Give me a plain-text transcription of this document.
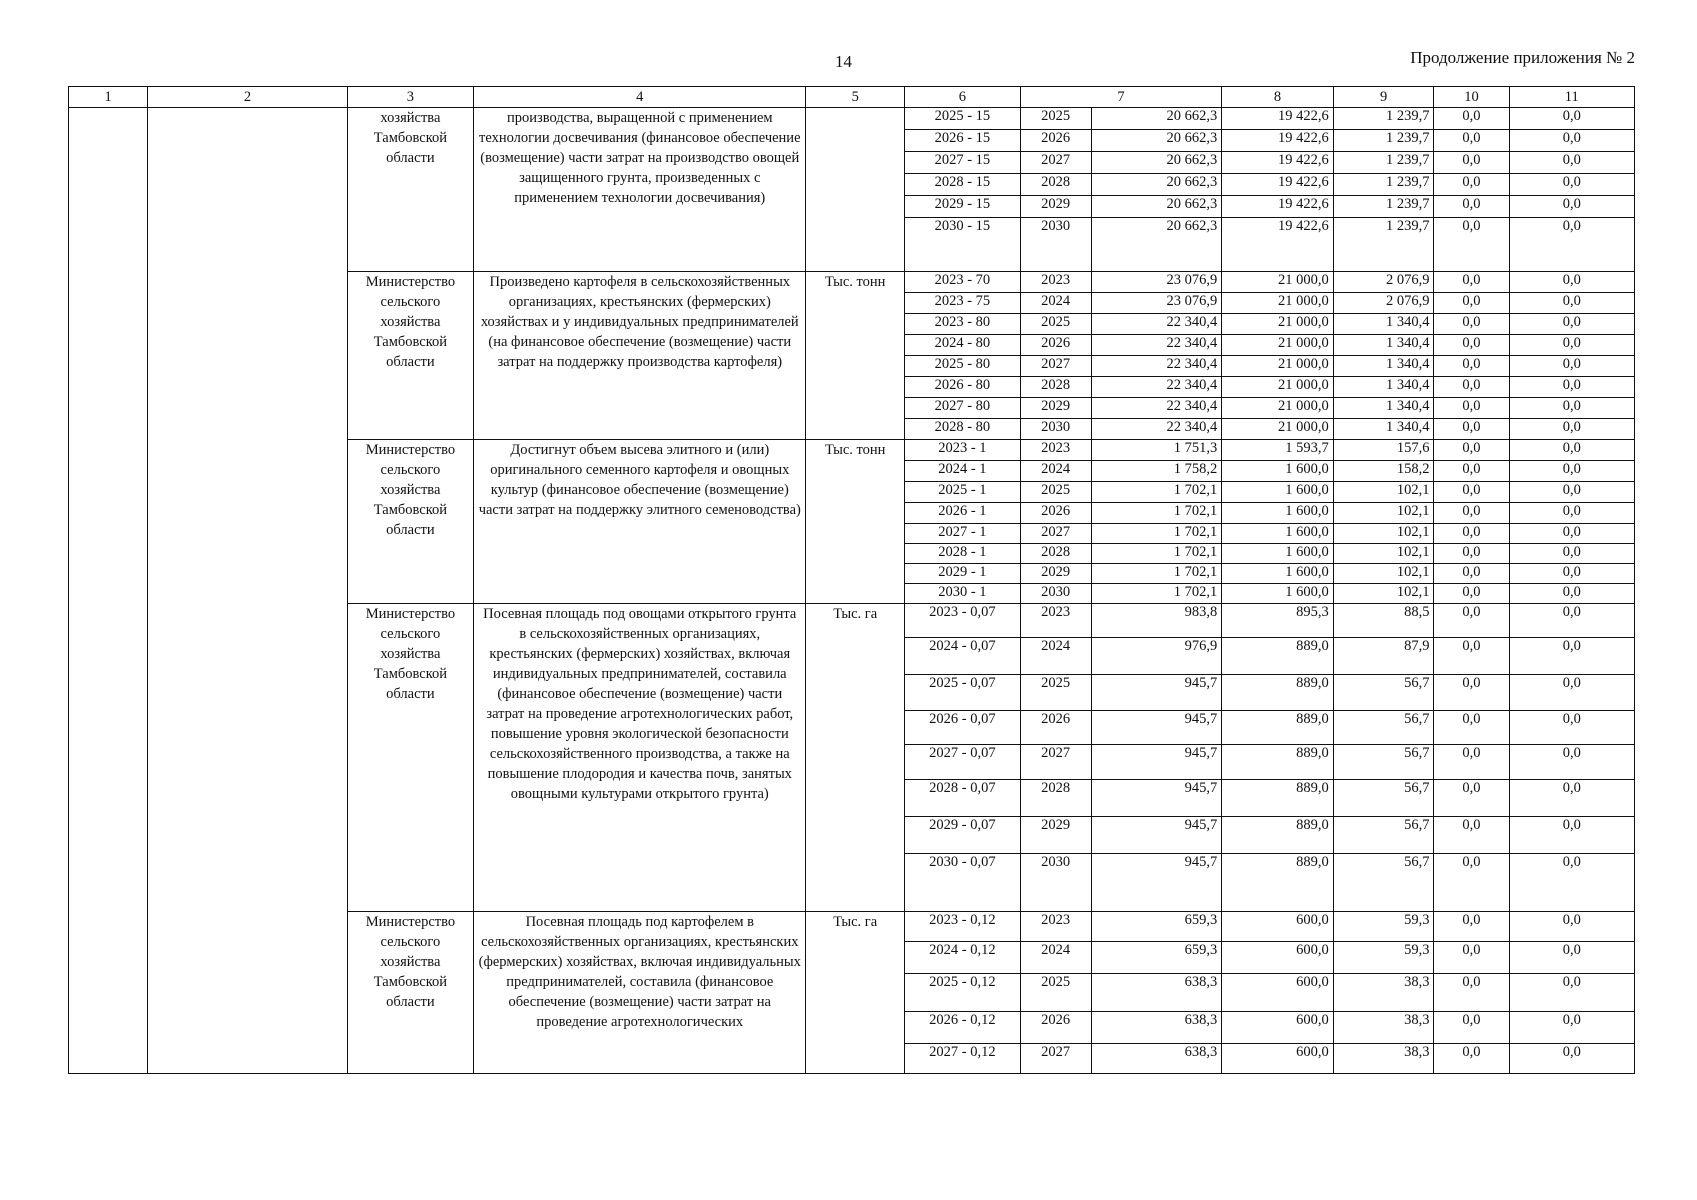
14	Продолжение приложения № 2
1	2	3	4	5	6	7		8	9	10	11
		хозяйства Тамбовской области	производства, выращенной с применением технологии досвечивания (финансовое обеспечение (возмещение) части затрат на производство овощей защищенного грунта, произведенных с применением технологии досвечивания)		2025 - 15	2025	20 662,3	19 422,6	1 239,7	0,0	0,0
					2026 - 15	2026	20 662,3	19 422,6	1 239,7	0,0	0,0
					2027 - 15	2027	20 662,3	19 422,6	1 239,7	0,0	0,0
					2028 - 15	2028	20 662,3	19 422,6	1 239,7	0,0	0,0
					2029 - 15	2029	20 662,3	19 422,6	1 239,7	0,0	0,0
					2030 - 15	2030	20 662,3	19 422,6	1 239,7	0,0	0,0
		Министерство сельского хозяйства Тамбовской области	Произведено картофеля в сельскохозяйственных организациях, крестьянских (фермерских) хозяйствах и у индивидуальных предпринимателей (на финансовое обеспечение (возмещение) части затрат на поддержку производства картофеля)	Тыс. тонн	2023 - 70	2023	23 076,9	21 000,0	2 076,9	0,0	0,0
					2023 - 75	2024	23 076,9	21 000,0	2 076,9	0,0	0,0
					2023 - 80	2025	22 340,4	21 000,0	1 340,4	0,0	0,0
					2024 - 80	2026	22 340,4	21 000,0	1 340,4	0,0	0,0
					2025 - 80	2027	22 340,4	21 000,0	1 340,4	0,0	0,0
					2026 - 80	2028	22 340,4	21 000,0	1 340,4	0,0	0,0
					2027 - 80	2029	22 340,4	21 000,0	1 340,4	0,0	0,0
					2028 - 80	2030	22 340,4	21 000,0	1 340,4	0,0	0,0
		Министерство сельского хозяйства Тамбовской области	Достигнут объем высева элитного и (или) оригинального семенного картофеля и овощных культур (финансовое обеспечение (возмещение) части затрат на поддержку элитного семеноводства)	Тыс. тонн	2023 - 1	2023	1 751,3	1 593,7	157,6	0,0	0,0
					2024 - 1	2024	1 758,2	1 600,0	158,2	0,0	0,0
					2025 - 1	2025	1 702,1	1 600,0	102,1	0,0	0,0
					2026 - 1	2026	1 702,1	1 600,0	102,1	0,0	0,0
					2027 - 1	2027	1 702,1	1 600,0	102,1	0,0	0,0
					2028 - 1	2028	1 702,1	1 600,0	102,1	0,0	0,0
					2029 - 1	2029	1 702,1	1 600,0	102,1	0,0	0,0
					2030 - 1	2030	1 702,1	1 600,0	102,1	0,0	0,0
		Министерство сельского хозяйства Тамбовской области	Посевная площадь под овощами открытого грунта в сельскохозяйственных организациях, крестьянских (фермерских) хозяйствах, включая индивидуальных предпринимателей, составила (финансовое обеспечение (возмещение) части затрат на проведение агротехнологических работ, повышение уровня экологической безопасности сельскохозяйственного производства, а также на повышение плодородия и качества почв, занятых овощными культурами открытого грунта)	Тыс. га	2023 - 0,07	2023	983,8	895,3	88,5	0,0	0,0
					2024 - 0,07	2024	976,9	889,0	87,9	0,0	0,0
					2025 - 0,07	2025	945,7	889,0	56,7	0,0	0,0
					2026 - 0,07	2026	945,7	889,0	56,7	0,0	0,0
					2027 - 0,07	2027	945,7	889,0	56,7	0,0	0,0
					2028 - 0,07	2028	945,7	889,0	56,7	0,0	0,0
					2029 - 0,07	2029	945,7	889,0	56,7	0,0	0,0
					2030 - 0,07	2030	945,7	889,0	56,7	0,0	0,0
		Министерство сельского хозяйства Тамбовской области	Посевная площадь под картофелем в сельскохозяйственных организациях, крестьянских (фермерских) хозяйствах, включая индивидуальных предпринимателей, составила (финансовое обеспечение (возмещение) части затрат на проведение агротехнологических	Тыс. га	2023 - 0,12	2023	659,3	600,0	59,3	0,0	0,0
					2024 - 0,12	2024	659,3	600,0	59,3	0,0	0,0
					2025 - 0,12	2025	638,3	600,0	38,3	0,0	0,0
					2026 - 0,12	2026	638,3	600,0	38,3	0,0	0,0
					2027 - 0,12	2027	638,3	600,0	38,3	0,0	0,0
